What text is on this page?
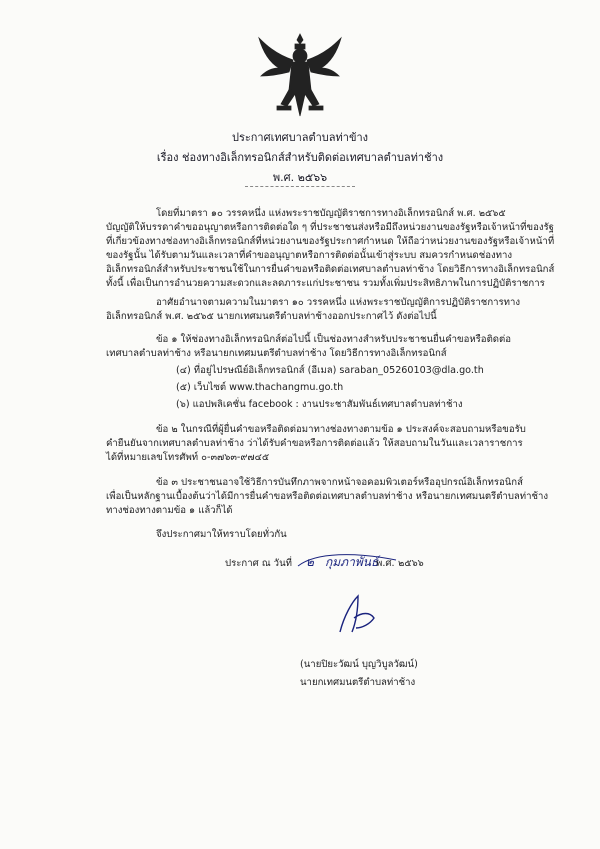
ประกาศเทศบาลตำบลท่าข้าง
เรื่อง ช่องทางอิเล็กทรอนิกส์สำหรับติดต่อเทศบาลตำบลท่าช้าง
พ.ศ. ๒๕๖๖
โดยที่มาตรา ๑๐ วรรคหนึ่ง แห่งพระราชบัญญัติราชการทางอิเล็กทรอนิกส์ พ.ศ. ๒๕๖๕
บัญญัติให้บรรดาคำขออนุญาตหรือการติดต่อใด ๆ ที่ประชาชนส่งหรือมีถึงหน่วยงานของรัฐหรือเจ้าหน้าที่ของรัฐ
ที่เกี่ยวข้องทางช่องทางอิเล็กทรอนิกส์ที่หน่วยงานของรัฐประกาศกำหนด ให้ถือว่าหน่วยงานของรัฐหรือเจ้าหน้าที่
ของรัฐนั้น ได้รับตามวันและเวลาที่คำขออนุญาตหรือการติดต่อนั้นเข้าสู่ระบบ สมควรกำหนดช่องทาง
อิเล็กทรอนิกส์สำหรับประชาชนใช้ในการยื่นคำขอหรือติดต่อเทศบาลตำบลท่าช้าง โดยวิธีการทางอิเล็กทรอนิกส์
ทั้งนี้ เพื่อเป็นการอำนวยความสะดวกและลดภาระแก่ประชาชน รวมทั้งเพิ่มประสิทธิภาพในการปฏิบัติราชการ
อาศัยอำนาจตามความในมาตรา ๑๐ วรรคหนึ่ง แห่งพระราชบัญญัติการปฏิบัติราชการทาง
อิเล็กทรอนิกส์ พ.ศ. ๒๕๖๕ นายกเทศมนตรีตำบลท่าช้างออกประกาศไว้ ดังต่อไปนี้
ข้อ ๑ ให้ช่องทางอิเล็กทรอนิกส์ต่อไปนี้ เป็นช่องทางสำหรับประชาชนยื่นคำขอหรือติดต่อ
เทศบาลตำบลท่าช้าง หรือนายกเทศมนตรีตำบลท่าช้าง โดยวิธีการทางอิเล็กทรอนิกส์
(๔) ที่อยู่ไปรษณีย์อิเล็กทรอนิกส์ (อีเมล) saraban_05260103@dla.go.th
(๕) เว็บไซต์ www.thachangmu.go.th
(๖) แอปพลิเคชั่น facebook : งานประชาสัมพันธ์เทศบาลตำบลท่าช้าง
ข้อ ๒ ในกรณีที่ผู้ยื่นคำขอหรือติดต่อมาทางช่องทางตามข้อ ๑ ประสงค์จะสอบถามหรือขอรับ
คำยืนยันจากเทศบาลตำบลท่าช้าง ว่าได้รับคำขอหรือการติดต่อแล้ว ให้สอบถามในวันและเวลาราชการ
ได้ที่หมายเลขโทรศัพท์ ๐-๓๗๖๓-๙๗๔๕
ข้อ ๓ ประชาชนอาจใช้วิธีการบันทึกภาพจากหน้าจอคอมพิวเตอร์หรืออุปกรณ์อิเล็กทรอนิกส์
เพื่อเป็นหลักฐานเบื้องต้นว่าได้มีการยื่นคำขอหรือติดต่อเทศบาลตำบลท่าช้าง หรือนายกเทศมนตรีตำบลท่าช้าง
ทางช่องทางตามข้อ ๑ แล้วก็ได้
จึงประกาศมาให้ทราบโดยทั่วกัน
ประกาศ ณ วันที่ ๒ กุมภาพันธ์
พ.ศ. ๒๕๖๖
(นายปิยะวัฒน์ บุญวิบูลวัฒน์)
นายกเทศมนตรีตำบลท่าช้าง
